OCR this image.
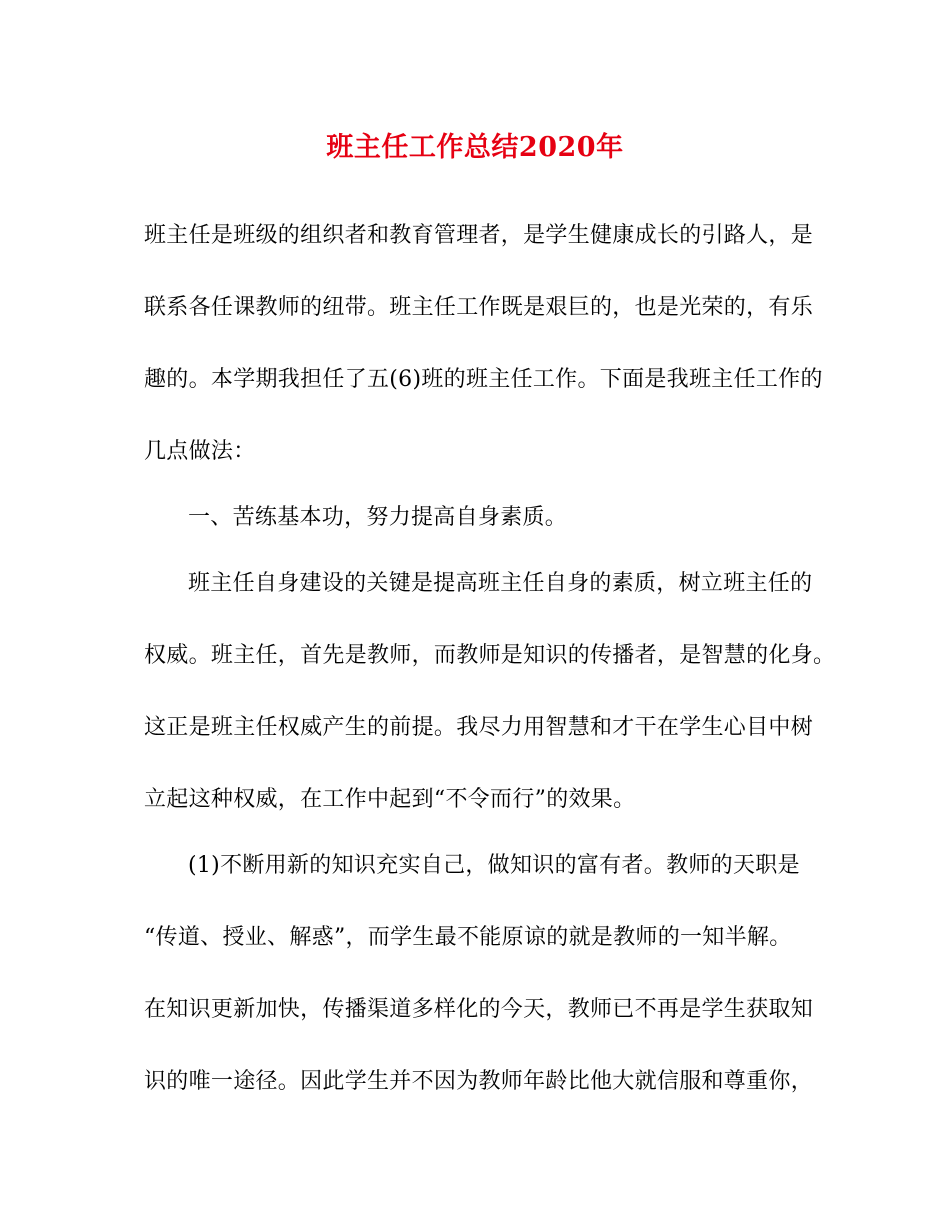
班主任工作总结2020年
班主任是班级的组织者和教育管理者，是学生健康成长的引路人，是
联系各任课教师的纽带。班主任工作既是艰巨的，也是光荣的，有乐
趣的。本学期我担任了五(6)班的班主任工作。下面是我班主任工作的
几点做法：
一、苦练基本功，努力提高自身素质。
班主任自身建设的关键是提高班主任自身的素质，树立班主任的
权威。班主任，首先是教师，而教师是知识的传播者，是智慧的化身。
这正是班主任权威产生的前提。我尽力用智慧和才干在学生心目中树
立起这种权威，在工作中起到“不令而行”的效果。
(1)不断用新的知识充实自己，做知识的富有者。教师的天职是
“传道、授业、解惑”，而学生最不能原谅的就是教师的一知半解。
在知识更新加快，传播渠道多样化的今天，教师已不再是学生获取知
识的唯一途径。因此学生并不因为教师年龄比他大就信服和尊重你，
